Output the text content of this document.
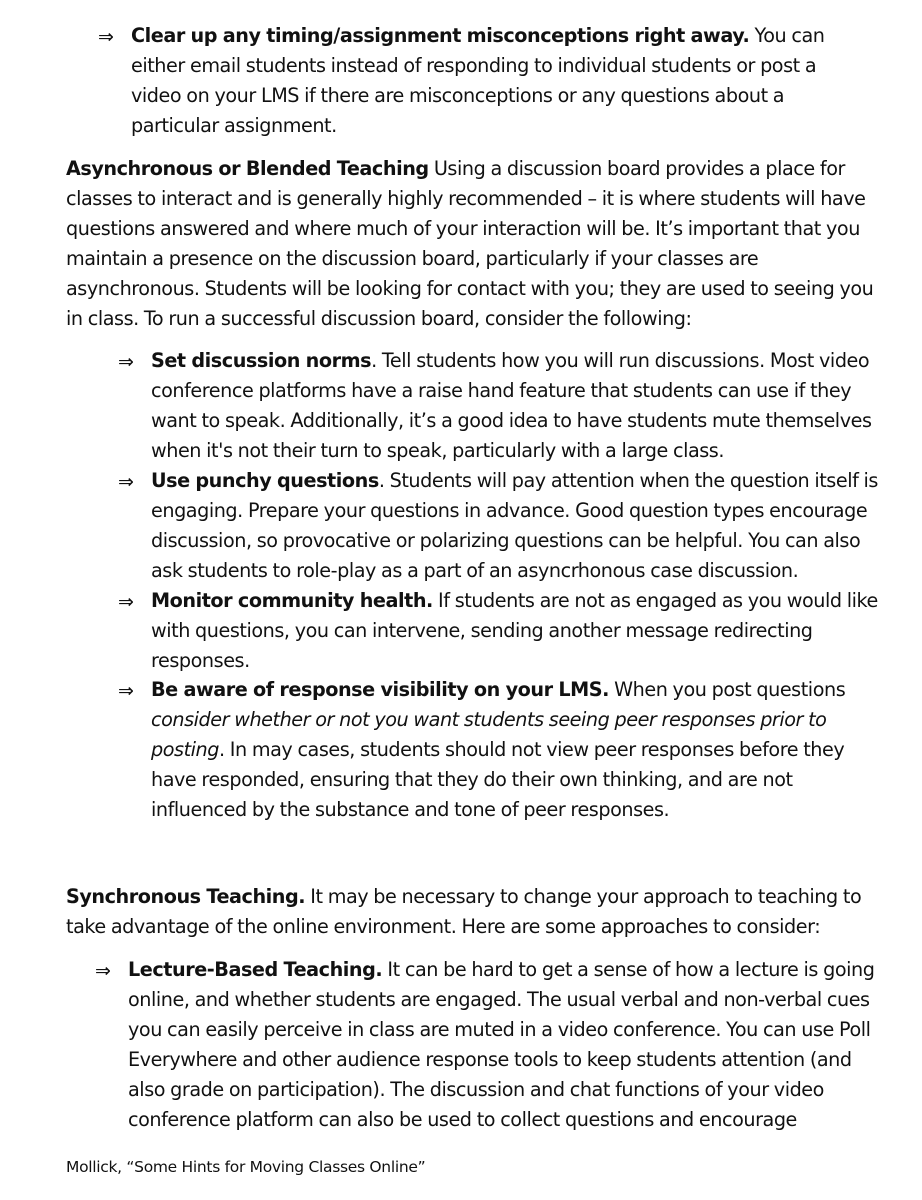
⇒ Clear up any timing/assignment misconceptions right away. You can either email students instead of responding to individual students or post a video on your LMS if there are misconceptions or any questions about a particular assignment.
Asynchronous or Blended Teaching Using a discussion board provides a place for classes to interact and is generally highly recommended – it is where students will have questions answered and where much of your interaction will be. It’s important that you maintain a presence on the discussion board, particularly if your classes are asynchronous. Students will be looking for contact with you; they are used to seeing you in class. To run a successful discussion board, consider the following:
⇒ Set discussion norms. Tell students how you will run discussions. Most video conference platforms have a raise hand feature that students can use if they want to speak. Additionally, it’s a good idea to have students mute themselves when it's not their turn to speak, particularly with a large class.
⇒ Use punchy questions. Students will pay attention when the question itself is engaging. Prepare your questions in advance. Good question types encourage discussion, so provocative or polarizing questions can be helpful. You can also ask students to role-play as a part of an asyncrhonous case discussion.
⇒ Monitor community health. If students are not as engaged as you would like with questions, you can intervene, sending another message redirecting responses.
⇒ Be aware of response visibility on your LMS. When you post questions consider whether or not you want students seeing peer responses prior to posting. In may cases, students should not view peer responses before they have responded, ensuring that they do their own thinking, and are not influenced by the substance and tone of peer responses.
Synchronous Teaching. It may be necessary to change your approach to teaching to take advantage of the online environment. Here are some approaches to consider:
⇒ Lecture-Based Teaching. It can be hard to get a sense of how a lecture is going online, and whether students are engaged. The usual verbal and non-verbal cues you can easily perceive in class are muted in a video conference. You can use Poll Everywhere and other audience response tools to keep students attention (and also grade on participation). The discussion and chat functions of your video conference platform can also be used to collect questions and encourage
Mollick, “Some Hints for Moving Classes Online”
